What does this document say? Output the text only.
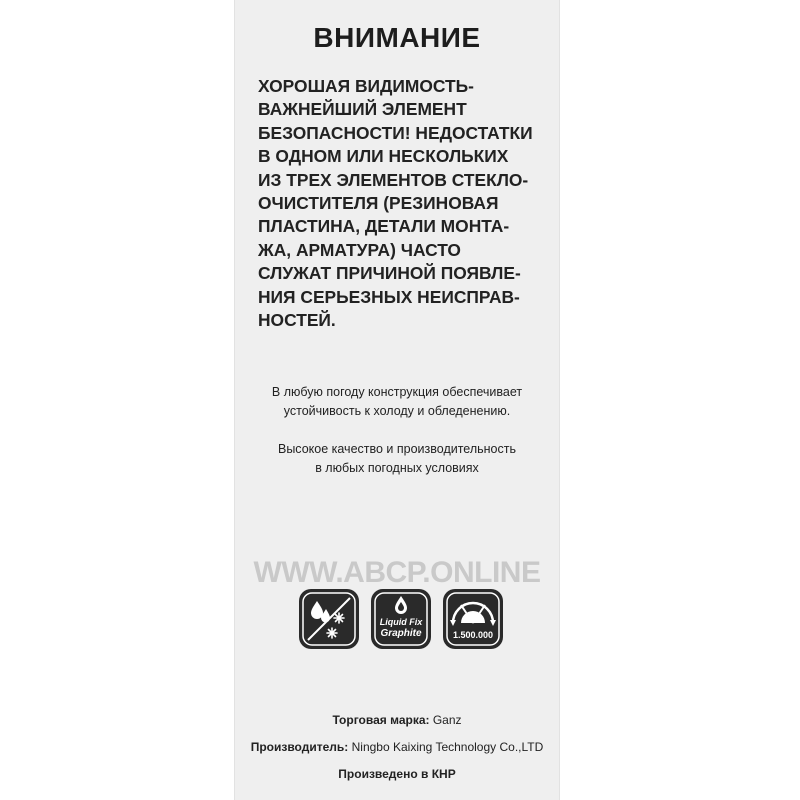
ВНИМАНИЕ
ХОРОШАЯ ВИДИМОСТЬ-
ВАЖНЕЙШИЙ ЭЛЕМЕНТ
БЕЗОПАСНОСТИ! НЕДОСТАТКИ
В ОДНОМ ИЛИ НЕСКОЛЬКИХ
ИЗ ТРЕХ ЭЛЕМЕНТОВ СТЕКЛО-
ОЧИСТИТЕЛЯ (РЕЗИНОВАЯ
ПЛАСТИНА, ДЕТАЛИ МОНТА-
ЖА, АРМАТУРА) ЧАСТО
СЛУЖАТ ПРИЧИНОЙ ПОЯВЛЕ-
НИЯ СЕРЬЕЗНЫХ НЕИСПРАВ-
НОСТЕЙ.
В любую погоду конструкция обеспечивает
устойчивость к холоду и обледенению.
Высокое качество и производительность
в любых погодных условиях
WWW.ABCP.ONLINE
Liquid Fix
Graphite	1.500.000
Торговая марка: Ganz
Производитель: Ningbo Kaixing Technology Co.,LTD
Произведено в КНР
